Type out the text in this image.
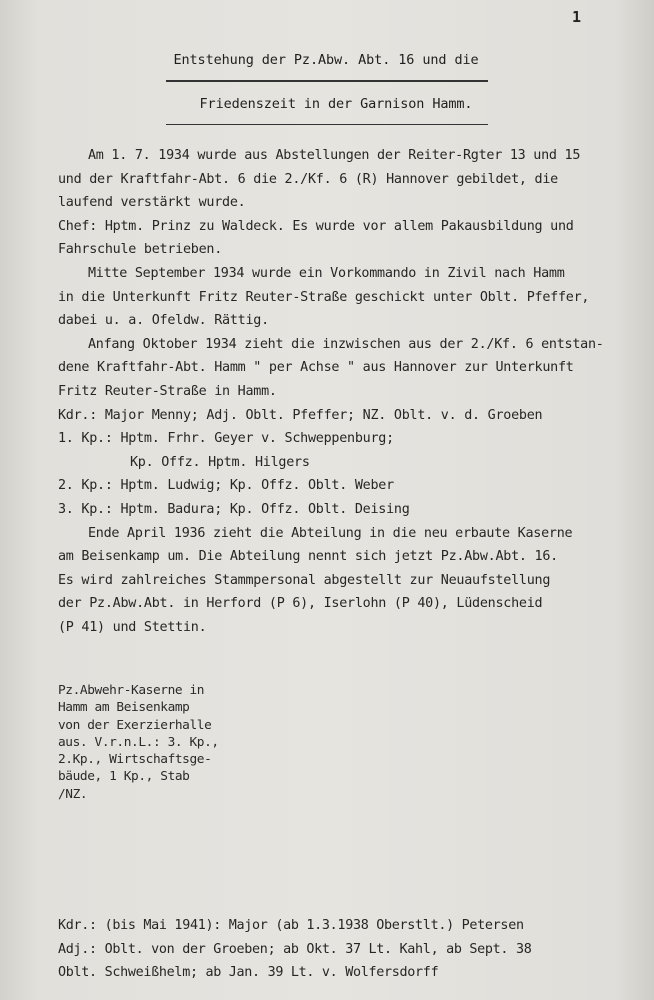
1
Entstehung der Pz.Abw. Abt. 16 und die
Friedenszeit in der Garnison Hamm.
Am 1. 7. 1934 wurde aus Abstellungen der Reiter-Rgter 13 und 15
und der Kraftfahr-Abt. 6 die 2./Kf. 6 (R) Hannover gebildet, die
laufend verstärkt wurde.
Chef: Hptm. Prinz zu Waldeck. Es wurde vor allem Pakausbildung und
Fahrschule betrieben.
Mitte September 1934 wurde ein Vorkommando in Zivil nach Hamm
in die Unterkunft Fritz Reuter-Straße geschickt unter Oblt. Pfeffer,
dabei u. a. Ofeldw. Rättig.
Anfang Oktober 1934 zieht die inzwischen aus der 2./Kf. 6 entstan-
dene Kraftfahr-Abt. Hamm " per Achse " aus Hannover zur Unterkunft
Fritz Reuter-Straße in Hamm.
Kdr.: Major Menny; Adj. Oblt. Pfeffer; NZ. Oblt. v. d. Groeben
1. Kp.: Hptm. Frhr. Geyer v. Schweppenburg;
Kp. Offz. Hptm. Hilgers
2. Kp.: Hptm. Ludwig; Kp. Offz. Oblt. Weber
3. Kp.: Hptm. Badura; Kp. Offz. Oblt. Deising
Ende April 1936 zieht die Abteilung in die neu erbaute Kaserne
am Beisenkamp um. Die Abteilung nennt sich jetzt Pz.Abw.Abt. 16.
Es wird zahlreiches Stammpersonal abgestellt zur Neuaufstellung
der Pz.Abw.Abt. in Herford (P 6), Iserlohn (P 40), Lüdenscheid
(P 41) und Stettin.
Pz.Abwehr-Kaserne in
Hamm am Beisenkamp
von der Exerzierhalle
aus. V.r.n.L.: 3. Kp.,
2.Kp., Wirtschaftsge-
bäude, 1 Kp., Stab
/NZ.
Kdr.: (bis Mai 1941): Major (ab 1.3.1938 Oberstlt.) Petersen
Adj.: Oblt. von der Groeben; ab Okt. 37 Lt. Kahl, ab Sept. 38
Oblt. Schweißhelm; ab Jan. 39 Lt. v. Wolfersdorff
